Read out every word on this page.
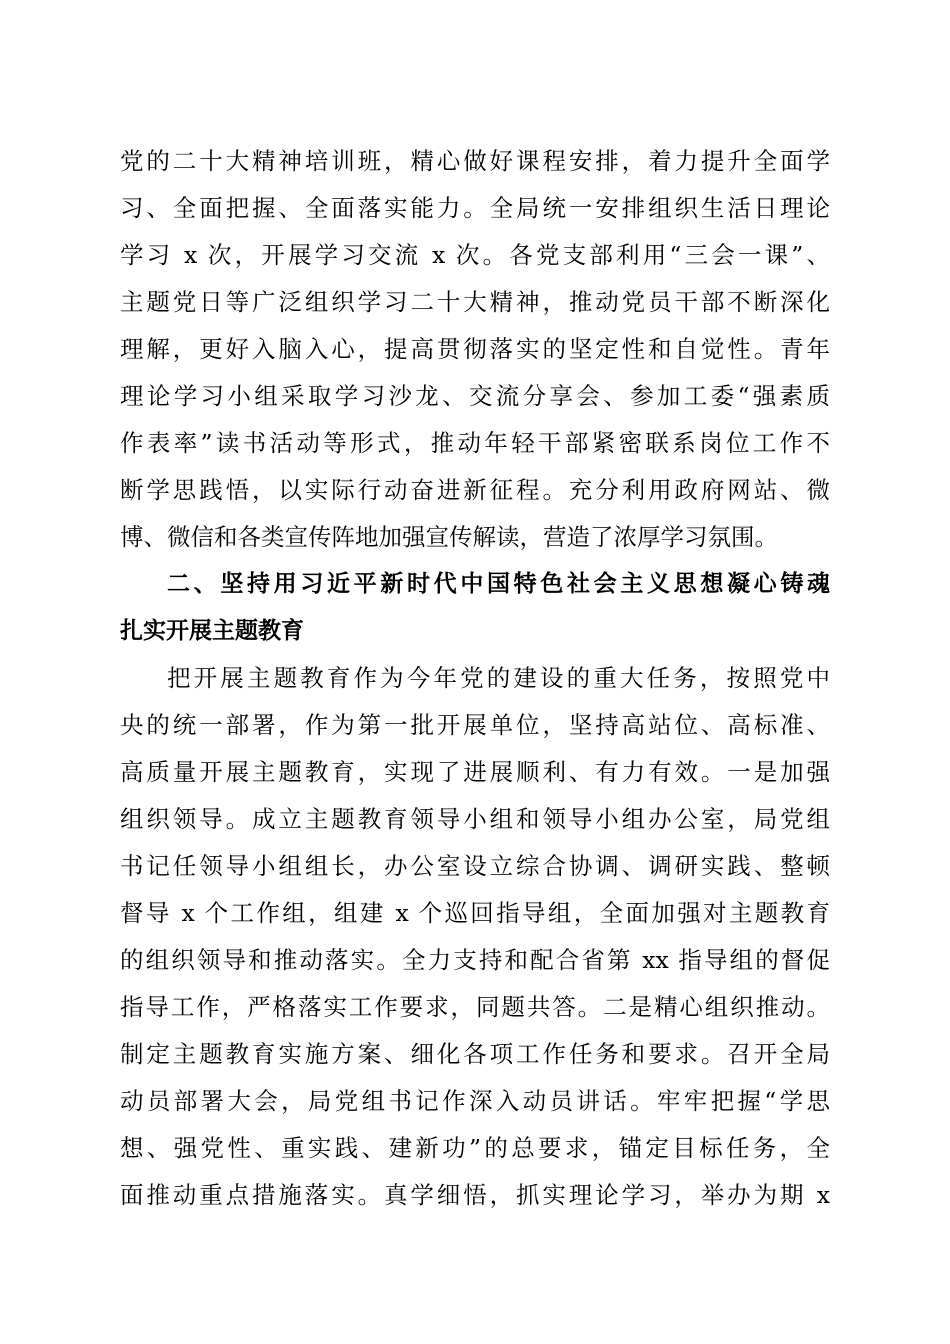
党的二十大精神培训班，精心做好课程安排，着力提升全面学
习、全面把握、全面落实能力。全局统一安排组织生活日理论
学习 x 次，开展学习交流 x 次。各党支部利用“三会一课”、
主题党日等广泛组织学习二十大精神，推动党员干部不断深化
理解，更好入脑入心，提高贯彻落实的坚定性和自觉性。青年
理论学习小组采取学习沙龙、交流分享会、参加工委“强素质
作表率”读书活动等形式，推动年轻干部紧密联系岗位工作不
断学思践悟，以实际行动奋进新征程。充分利用政府网站、微
博、微信和各类宣传阵地加强宣传解读，营造了浓厚学习氛围。
二、坚持用习近平新时代中国特色社会主义思想凝心铸魂
扎实开展主题教育
把开展主题教育作为今年党的建设的重大任务，按照党中
央的统一部署，作为第一批开展单位，坚持高站位、高标准、
高质量开展主题教育，实现了进展顺利、有力有效。一是加强
组织领导。成立主题教育领导小组和领导小组办公室，局党组
书记任领导小组组长，办公室设立综合协调、调研实践、整顿
督导 x 个工作组，组建 x 个巡回指导组，全面加强对主题教育
的组织领导和推动落实。全力支持和配合省第 xx 指导组的督促
指导工作，严格落实工作要求，同题共答。二是精心组织推动。
制定主题教育实施方案、细化各项工作任务和要求。召开全局
动员部署大会，局党组书记作深入动员讲话。牢牢把握“学思
想、强党性、重实践、建新功”的总要求，锚定目标任务，全
面推动重点措施落实。真学细悟，抓实理论学习，举办为期 x
